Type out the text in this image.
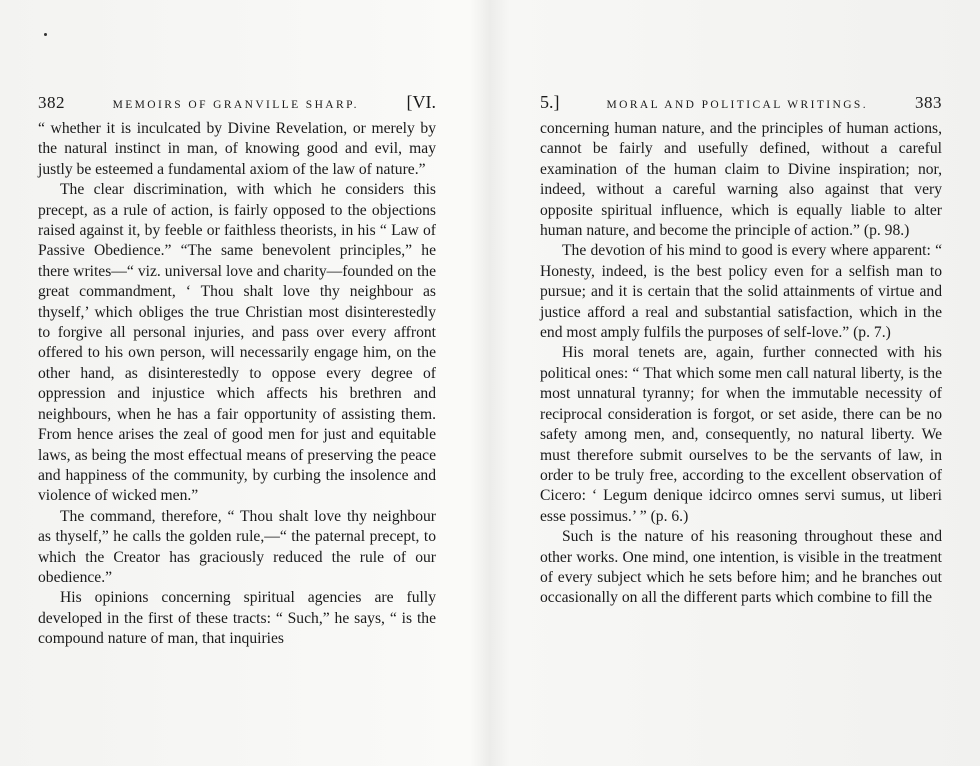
382	MEMOIRS OF GRANVILLE SHARP.	[VI.

“ whether it is inculcated by Divine Revelation, or merely by the natural instinct in man, of knowing good and evil, may justly be esteemed a fundamental axiom of the law of nature.”

The clear discrimination, with which he considers this precept, as a rule of action, is fairly opposed to the objections raised against it, by feeble or faithless theorists, in his “ Law of Passive Obedience.” “The same benevolent principles,” he there writes—“ viz. universal love and charity—founded on the great commandment, ‘ Thou shalt love thy neighbour as thyself,’ which obliges the true Christian most disinterestedly to forgive all personal injuries, and pass over every affront offered to his own person, will necessarily engage him, on the other hand, as disinterestedly to oppose every degree of oppression and injustice which affects his brethren and neighbours, when he has a fair opportunity of assisting them. From hence arises the zeal of good men for just and equitable laws, as being the most effectual means of preserving the peace and happiness of the community, by curbing the insolence and violence of wicked men.”

The command, therefore, “ Thou shalt love thy neighbour as thyself,” he calls the golden rule,—“ the paternal precept, to which the Creator has graciously reduced the rule of our obedience.”

His opinions concerning spiritual agencies are fully developed in the first of these tracts: “ Such,” he says, “ is the compound nature of man, that inquiries

5.]	MORAL AND POLITICAL WRITINGS.	383

concerning human nature, and the principles of human actions, cannot be fairly and usefully defined, without a careful examination of the human claim to Divine inspiration; nor, indeed, without a careful warning also against that very opposite spiritual influence, which is equally liable to alter human nature, and become the principle of action.” (p. 98.)

The devotion of his mind to good is every where apparent: “ Honesty, indeed, is the best policy even for a selfish man to pursue; and it is certain that the solid attainments of virtue and justice afford a real and substantial satisfaction, which in the end most amply fulfils the purposes of self-love.” (p. 7.)

His moral tenets are, again, further connected with his political ones: “ That which some men call natural liberty, is the most unnatural tyranny; for when the immutable necessity of reciprocal consideration is forgot, or set aside, there can be no safety among men, and, consequently, no natural liberty. We must therefore submit ourselves to be the servants of law, in order to be truly free, according to the excellent observation of Cicero: ‘ Legum denique idcirco omnes servi sumus, ut liberi esse possimus.’ ” (p. 6.)

Such is the nature of his reasoning throughout these and other works. One mind, one intention, is visible in the treatment of every subject which he sets before him; and he branches out occasionally on all the different parts which combine to fill the
